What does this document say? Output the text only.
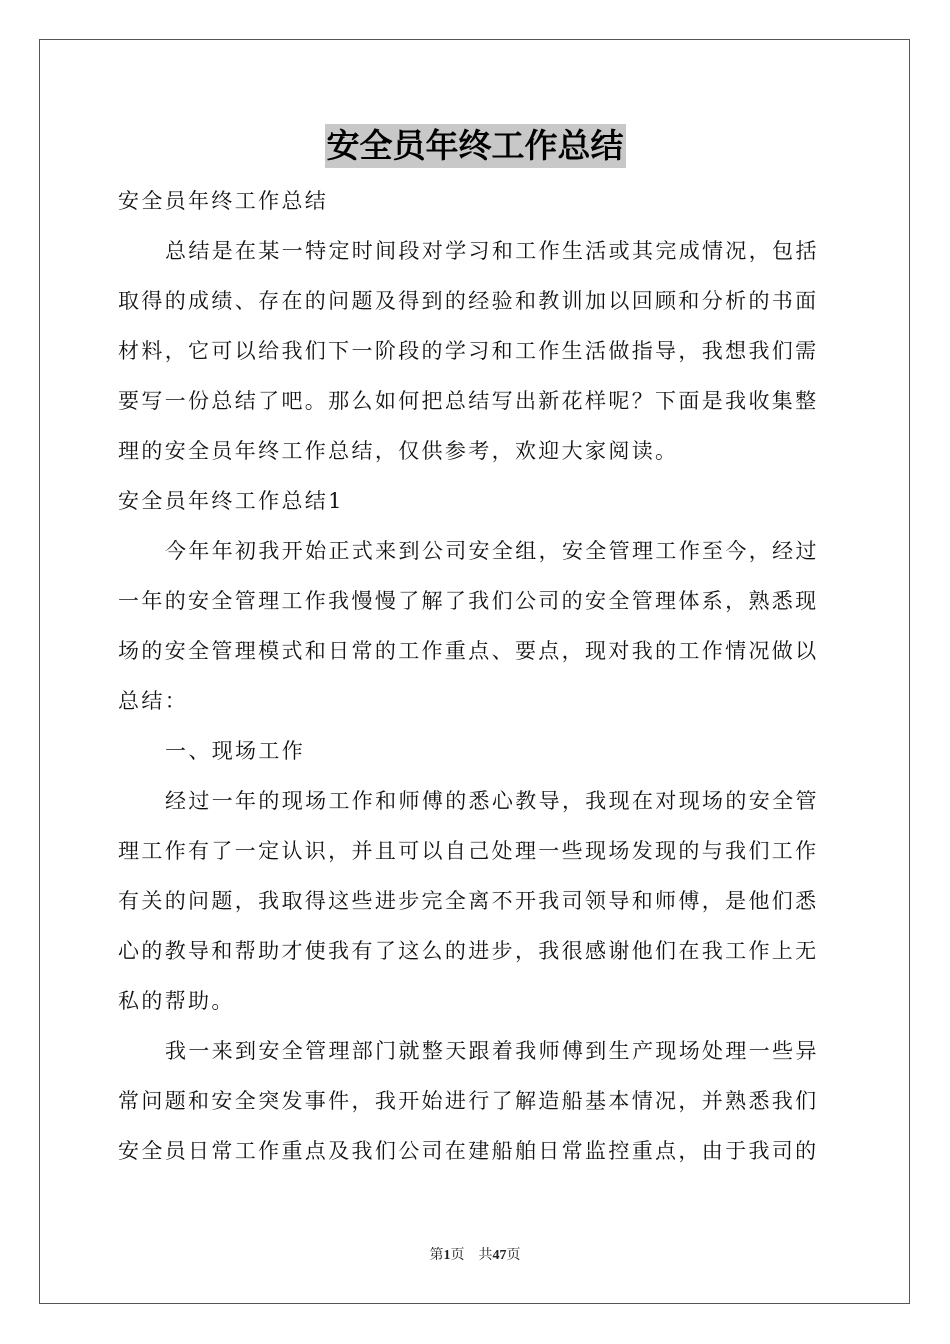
安全员年终工作总结
安全员年终工作总结
总结是在某一特定时间段对学习和工作生活或其完成情况，包括
取得的成绩、存在的问题及得到的经验和教训加以回顾和分析的书面
材料，它可以给我们下一阶段的学习和工作生活做指导，我想我们需
要写一份总结了吧。那么如何把总结写出新花样呢？下面是我收集整
理的安全员年终工作总结，仅供参考，欢迎大家阅读。
安全员年终工作总结1
今年年初我开始正式来到公司安全组，安全管理工作至今，经过
一年的安全管理工作我慢慢了解了我们公司的安全管理体系，熟悉现
场的安全管理模式和日常的工作重点、要点，现对我的工作情况做以
总结：
一、现场工作
经过一年的现场工作和师傅的悉心教导，我现在对现场的安全管
理工作有了一定认识，并且可以自己处理一些现场发现的与我们工作
有关的问题，我取得这些进步完全离不开我司领导和师傅，是他们悉
心的教导和帮助才使我有了这么的进步，我很感谢他们在我工作上无
私的帮助。
我一来到安全管理部门就整天跟着我师傅到生产现场处理一些异
常问题和安全突发事件，我开始进行了解造船基本情况，并熟悉我们
安全员日常工作重点及我们公司在建船舶日常监控重点，由于我司的
第1页 共47页
